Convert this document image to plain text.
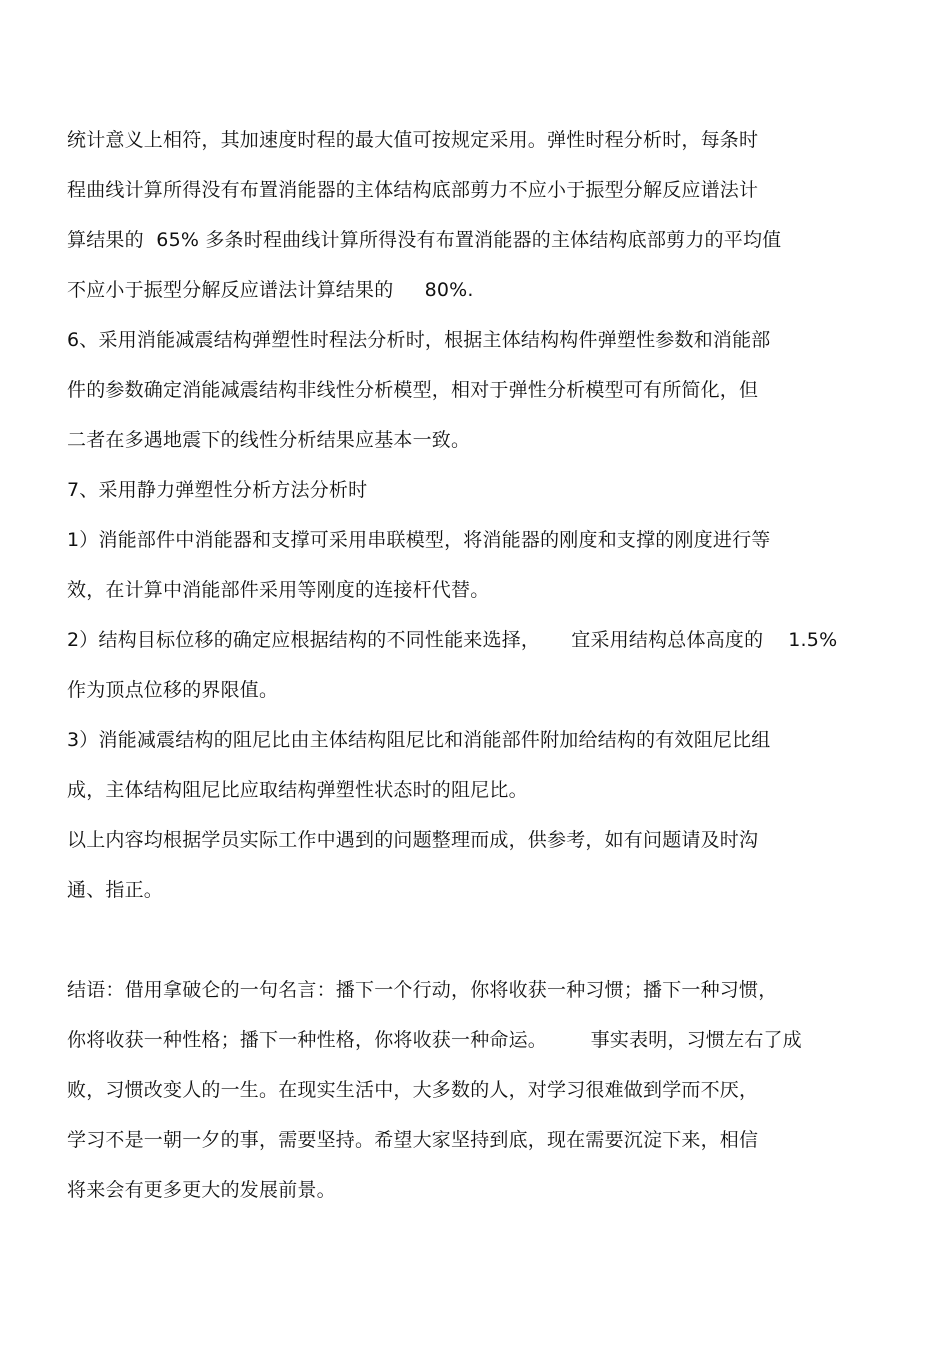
统计意义上相符，其加速度时程的最大值可按规定采用。弹性时程分析时，每条时
程曲线计算所得没有布置消能器的主体结构底部剪力不应小于振型分解反应谱法计
算结果的  65% 多条时程曲线计算所得没有布置消能器的主体结构底部剪力的平均值
不应小于振型分解反应谱法计算结果的     80%.
6、采用消能减震结构弹塑性时程法分析时，根据主体结构构件弹塑性参数和消能部
件的参数确定消能减震结构非线性分析模型，相对于弹性分析模型可有所简化，但
二者在多遇地震下的线性分析结果应基本一致。
7、采用静力弹塑性分析方法分析时
1）消能部件中消能器和支撑可采用串联模型，将消能器的刚度和支撑的刚度进行等
效，在计算中消能部件采用等刚度的连接杆代替。
2）结构目标位移的确定应根据结构的不同性能来选择，     宜采用结构总体高度的    1.5%
作为顶点位移的界限值。
3）消能减震结构的阻尼比由主体结构阻尼比和消能部件附加给结构的有效阻尼比组
成，主体结构阻尼比应取结构弹塑性状态时的阻尼比。
以上内容均根据学员实际工作中遇到的问题整理而成，供参考，如有问题请及时沟
通、指正。
结语：借用拿破仑的一句名言：播下一个行动，你将收获一种习惯；播下一种习惯，
你将收获一种性格；播下一种性格，你将收获一种命运。       事实表明，习惯左右了成
败，习惯改变人的一生。在现实生活中，大多数的人，对学习很难做到学而不厌，
学习不是一朝一夕的事，需要坚持。希望大家坚持到底，现在需要沉淀下来，相信
将来会有更多更大的发展前景。
